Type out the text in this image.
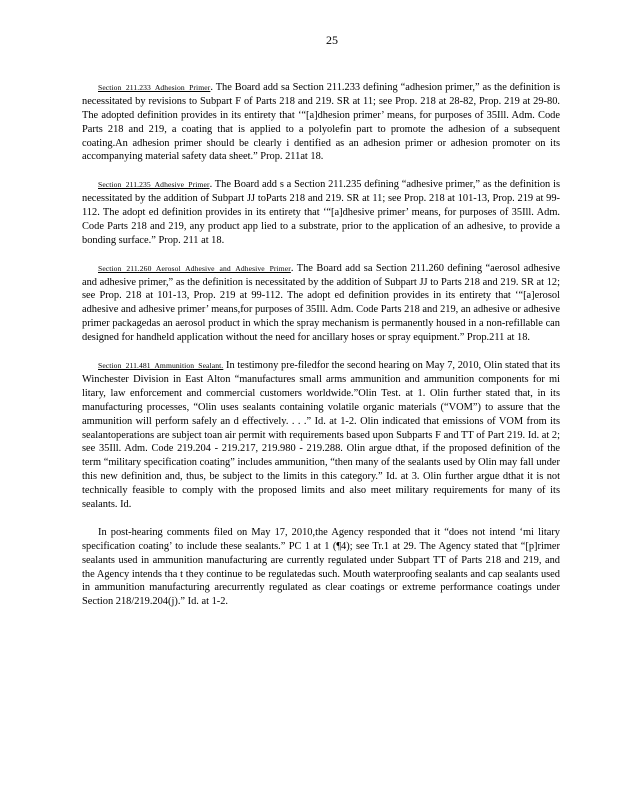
25

Section 211.233 Adhesion Primer. The Board add sa Section 211.233 defining “adhesion primer,” as the definition is necessitated by revisions to Subpart F of Parts 218 and 219. SR at 11; see Prop. 218 at 28-82, Prop. 219 at 29-80. The adopted definition provides in its entirety that ‘“[a]dhesion primer’ means, for purposes of 35Ill. Adm. Code Parts 218 and 219, a coating that is applied to a polyolefin part to promote the adhesion of a subsequent coating.An adhesion primer should be clearly i dentified as an adhesion primer or adhesion promoter on its accompanying material safety data sheet.” Prop. 211at 18.

Section 211.235 Adhesive Primer. The Board add s a Section 211.235 defining “adhesive primer,” as the definition is necessitated by the addition of Subpart JJ toParts 218 and 219. SR at 11; see Prop. 218 at 101-13, Prop. 219 at 99-112. The adopt ed definition provides in its entirety that ‘“[a]dhesive primer’ means, for purposes of 35Ill. Adm. Code Parts 218 and 219, any product app lied to a substrate, prior to the application of an adhesive, to provide a bonding surface.” Prop. 211 at 18.

Section 211.260 Aerosol Adhesive and Adhesive Primer. The Board add sa Section 211.260 defining “aerosol adhesive and adhesive primer,” as the definition is necessitated by the addition of Subpart JJ to Parts 218 and 219. SR at 12; see Prop. 218 at 101-13, Prop. 219 at 99-112. The adopt ed definition provides in its entirety that ‘“[a]erosol adhesive and adhesive primer’ means,for purposes of 35Ill. Adm. Code Parts 218 and 219, an adhesive or adhesive primer packagedas an aerosol product in which the spray mechanism is permanently housed in a non-refillable can designed for handheld application without the need for ancillary hoses or spray equipment.” Prop.211 at 18.

Section 211.481 Ammunition Sealant. In testimony pre-filedfor the second hearing on May 7, 2010, Olin stated that its Winchester Division in East Alton “manufactures small arms ammunition and ammunition components for mi litary, law enforcement and commercial customers worldwide.”Olin Test. at 1. Olin further stated that, in its manufacturing processes, “Olin uses sealants containing volatile organic materials (“VOM”) to assure that the ammunition will perform safely an d effectively. . . .” Id. at 1-2. Olin indicated that emissions of VOM from its sealantoperations are subject toan air permit with requirements based upon Subparts F and TT of Part 219. Id. at 2; see 35Ill. Adm. Code 219.204 - 219.217, 219.980 - 219.288. Olin argue dthat, if the proposed definition of the term “military specification coating” includes ammunition, “then many of the sealants used by Olin may fall under this new definition and, thus, be subject to the limits in this category.” Id. at 3. Olin further argue dthat it is not technically feasible to comply with the proposed limits and also meet military requirements for many of its sealants. Id.

In post-hearing comments filed on May 17, 2010,the Agency responded that it “does not intend ‘mi litary specification coating’ to include these sealants.” PC 1 at 1 (¶4); see Tr.1 at 29. The Agency stated that “[p]rimer sealants used in ammunition manufacturing are currently regulated under Subpart TT of Parts 218 and 219, and the Agency intends tha t they continue to be regulatedas such. Mouth waterproofing sealants and cap sealants used in ammunition manufacturing arecurrently regulated as clear coatings or extreme performance coatings under Section 218/219.204(j).” Id. at 1-2.
